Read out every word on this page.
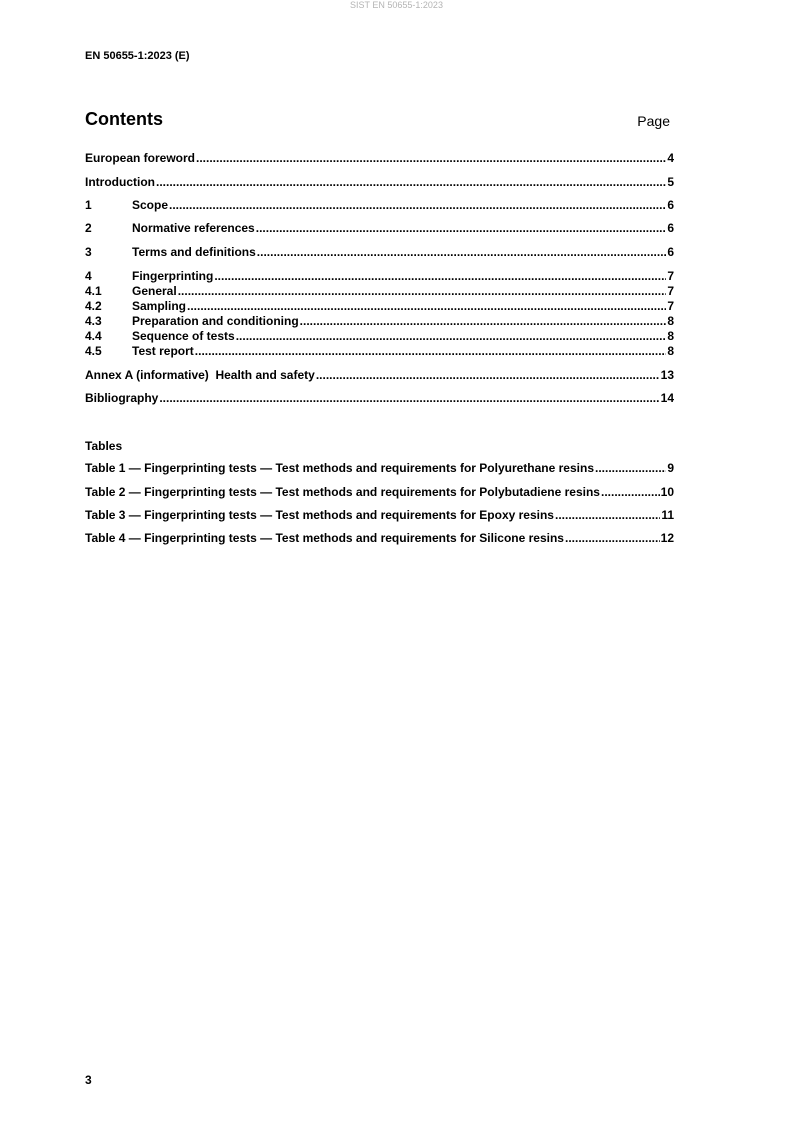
SIST EN 50655-1:2023
EN 50655-1:2023 (E)
Contents	Page
European foreword .....	4
Introduction .....	5
1	Scope .....	6
2	Normative references .....	6
3	Terms and definitions .....	6
4	Fingerprinting .....	7
4.1	General .....	7
4.2	Sampling .....	7
4.3	Preparation and conditioning .....	8
4.4	Sequence of tests .....	8
4.5	Test report .....	8
Annex A (informative)  Health and safety .....	13
Bibliography .....	14
Tables
Table 1 — Fingerprinting tests — Test methods and requirements for Polyurethane resins .....	9
Table 2 — Fingerprinting tests — Test methods and requirements for Polybutadiene resins .....	10
Table 3 — Fingerprinting tests — Test methods and requirements for Epoxy resins .....	11
Table 4 — Fingerprinting tests — Test methods and requirements for Silicone resins .....	12
3
